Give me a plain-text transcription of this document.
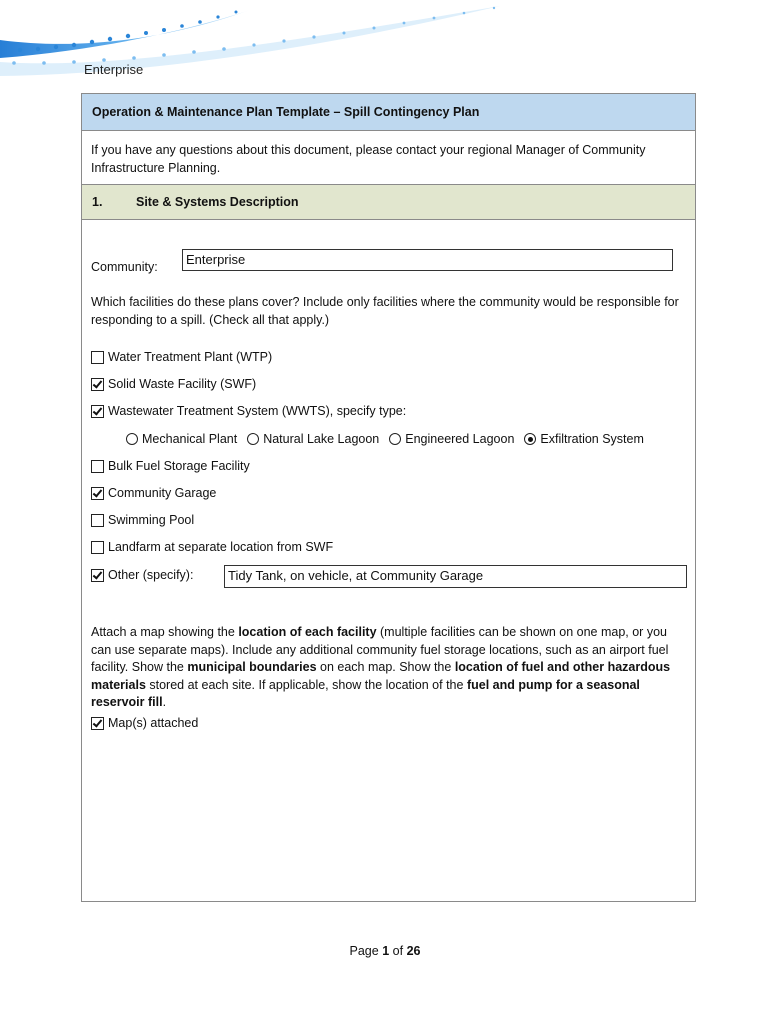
Enterprise
Operation & Maintenance Plan Template – Spill Contingency Plan
If you have any questions about this document, please contact your regional Manager of Community Infrastructure Planning.
1.	Site & Systems Description
Community:	Enterprise
Which facilities do these plans cover? Include only facilities where the community would be responsible for responding to a spill. (Check all that apply.)
Water Treatment Plant (WTP)
Solid Waste Facility (SWF)
Wastewater Treatment System (WWTS), specify type:
Mechanical Plant Natural Lake Lagoon Engineered Lagoon Exfiltration System
Bulk Fuel Storage Facility
Community Garage
Swimming Pool
Landfarm at separate location from SWF
Other (specify):	Tidy Tank, on vehicle, at Community Garage
Attach a map showing the location of each facility (multiple facilities can be shown on one map, or you can use separate maps). Include any additional community fuel storage locations, such as an airport fuel facility. Show the municipal boundaries on each map. Show the location of fuel and other hazardous materials stored at each site. If applicable, show the location of the fuel and pump for a seasonal reservoir fill.
Map(s) attached
Page 1 of 26
